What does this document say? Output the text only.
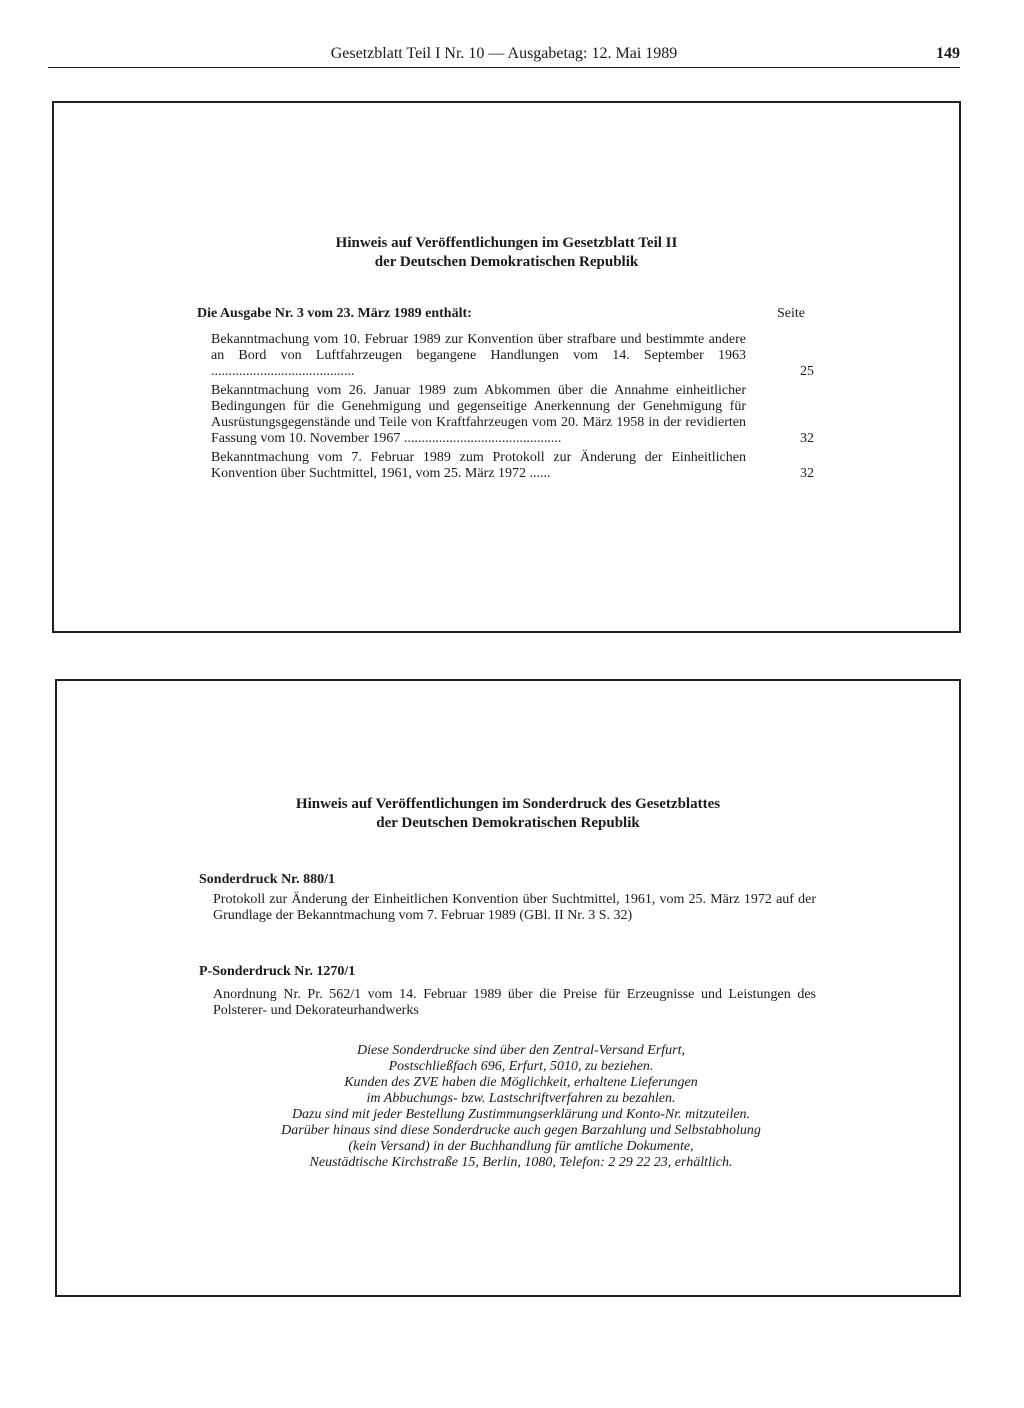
Gesetzblatt Teil I Nr. 10 — Ausgabetag: 12. Mai 1989	149
Hinweis auf Veröffentlichungen im Gesetzblatt Teil II
der Deutschen Demokratischen Republik
Die Ausgabe Nr. 3 vom 23. März 1989 enthält:	Seite
Bekanntmachung vom 10. Februar 1989 zur Konvention über strafbare und bestimmte andere an Bord von Luftfahrzeugen begangene Handlungen vom 14. September 1963 .........................................	25
Bekanntmachung vom 26. Januar 1989 zum Abkommen über die Annahme einheitlicher Bedingungen für die Genehmigung und gegenseitige Anerkennung der Genehmigung für Ausrüstungsgegenstände und Teile von Kraftfahrzeugen vom 20. März 1958 in der revidierten Fassung vom 10. November 1967 .............................................	32
Bekanntmachung vom 7. Februar 1989 zum Protokoll zur Änderung der Einheitlichen Konvention über Suchtmittel, 1961, vom 25. März 1972 ......	32
Hinweis auf Veröffentlichungen im Sonderdruck des Gesetzblattes
der Deutschen Demokratischen Republik
Sonderdruck Nr. 880/1
Protokoll zur Änderung der Einheitlichen Konvention über Suchtmittel, 1961, vom 25. März 1972 auf der Grundlage der Bekanntmachung vom 7. Februar 1989 (GBl. II Nr. 3 S. 32)
P-Sonderdruck Nr. 1270/1
Anordnung Nr. Pr. 562/1 vom 14. Februar 1989 über die Preise für Erzeugnisse und Leistungen des Polsterer- und Dekorateurhandwerks
Diese Sonderdrucke sind über den Zentral-Versand Erfurt,
Postschließfach 696, Erfurt, 5010, zu beziehen.
Kunden des ZVE haben die Möglichkeit, erhaltene Lieferungen
im Abbuchungs- bzw. Lastschriftverfahren zu bezahlen.
Dazu sind mit jeder Bestellung Zustimmungserklärung und Konto-Nr. mitzuteilen.
Darüber hinaus sind diese Sonderdrucke auch gegen Barzahlung und Selbstabholung
(kein Versand) in der Buchhandlung für amtliche Dokumente,
Neustädtische Kirchstraße 15, Berlin, 1080, Telefon: 2 29 22 23, erhältlich.
